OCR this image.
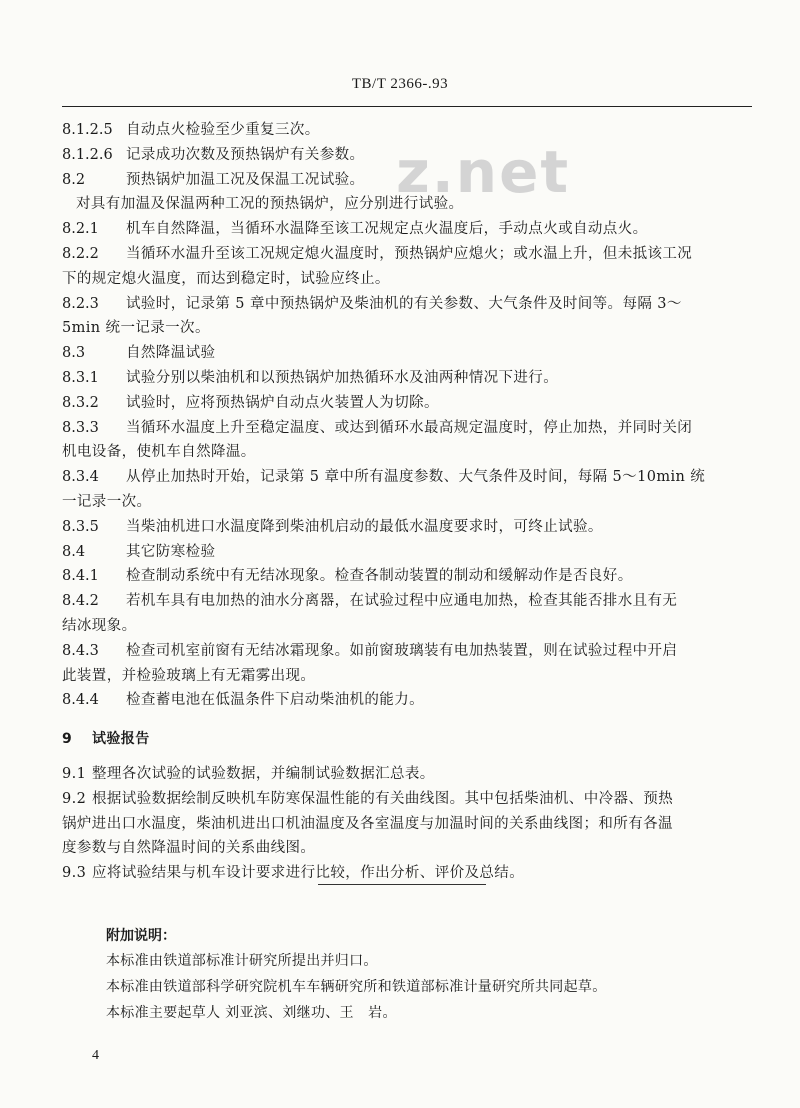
TB/T 2366-.93
z.net
8.1.2.5 自动点火检验至少重复三次。
8.1.2.6 记录成功次数及预热锅炉有关参数。
8.2	预热锅炉加温工况及保温工况试验。
对具有加温及保温两种工况的预热锅炉，应分别进行试验。
8.2.1 机车自然降温，当循环水温降至该工况规定点火温度后，手动点火或自动点火。
8.2.2 当循环水温升至该工况规定熄火温度时，预热锅炉应熄火；或水温上升，但未抵该工况
下的规定熄火温度，而达到稳定时，试验应终止。
8.2.3 试验时，记录第 5 章中预热锅炉及柴油机的有关参数、大气条件及时间等。每隔 3～
5min 统一记录一次。
8.3	自然降温试验
8.3.1 试验分别以柴油机和以预热锅炉加热循环水及油两种情况下进行。
8.3.2 试验时，应将预热锅炉自动点火装置人为切除。
8.3.3 当循环水温度上升至稳定温度、或达到循环水最高规定温度时，停止加热，并同时关闭
机电设备，使机车自然降温。
8.3.4 从停止加热时开始，记录第 5 章中所有温度参数、大气条件及时间，每隔 5～10min 统
一记录一次。
8.3.5 当柴油机进口水温度降到柴油机启动的最低水温度要求时，可终止试验。
8.4	其它防寒检验
8.4.1 检查制动系统中有无结冰现象。检查各制动装置的制动和缓解动作是否良好。
8.4.2 若机车具有电加热的油水分离器，在试验过程中应通电加热，检查其能否排水且有无
结冰现象。
8.4.3 检查司机室前窗有无结冰霜现象。如前窗玻璃装有电加热装置，则在试验过程中开启
此装置，并检验玻璃上有无霜雾出现。
8.4.4 检查蓄电池在低温条件下启动柴油机的能力。
9 试验报告
9.1 整理各次试验的试验数据，并编制试验数据汇总表。
9.2 根据试验数据绘制反映机车防寒保温性能的有关曲线图。其中包括柴油机、中冷器、预热
锅炉进出口水温度，柴油机进出口机油温度及各室温度与加温时间的关系曲线图；和所有各温
度参数与自然降温时间的关系曲线图。
9.3 应将试验结果与机车设计要求进行比较，作出分析、评价及总结。
附加说明：
本标准由铁道部标准计研究所提出并归口。
本标准由铁道部科学研究院机车车辆研究所和铁道部标准计量研究所共同起草。
本标准主要起草人 刘亚滨、刘继功、王　岩。
4
